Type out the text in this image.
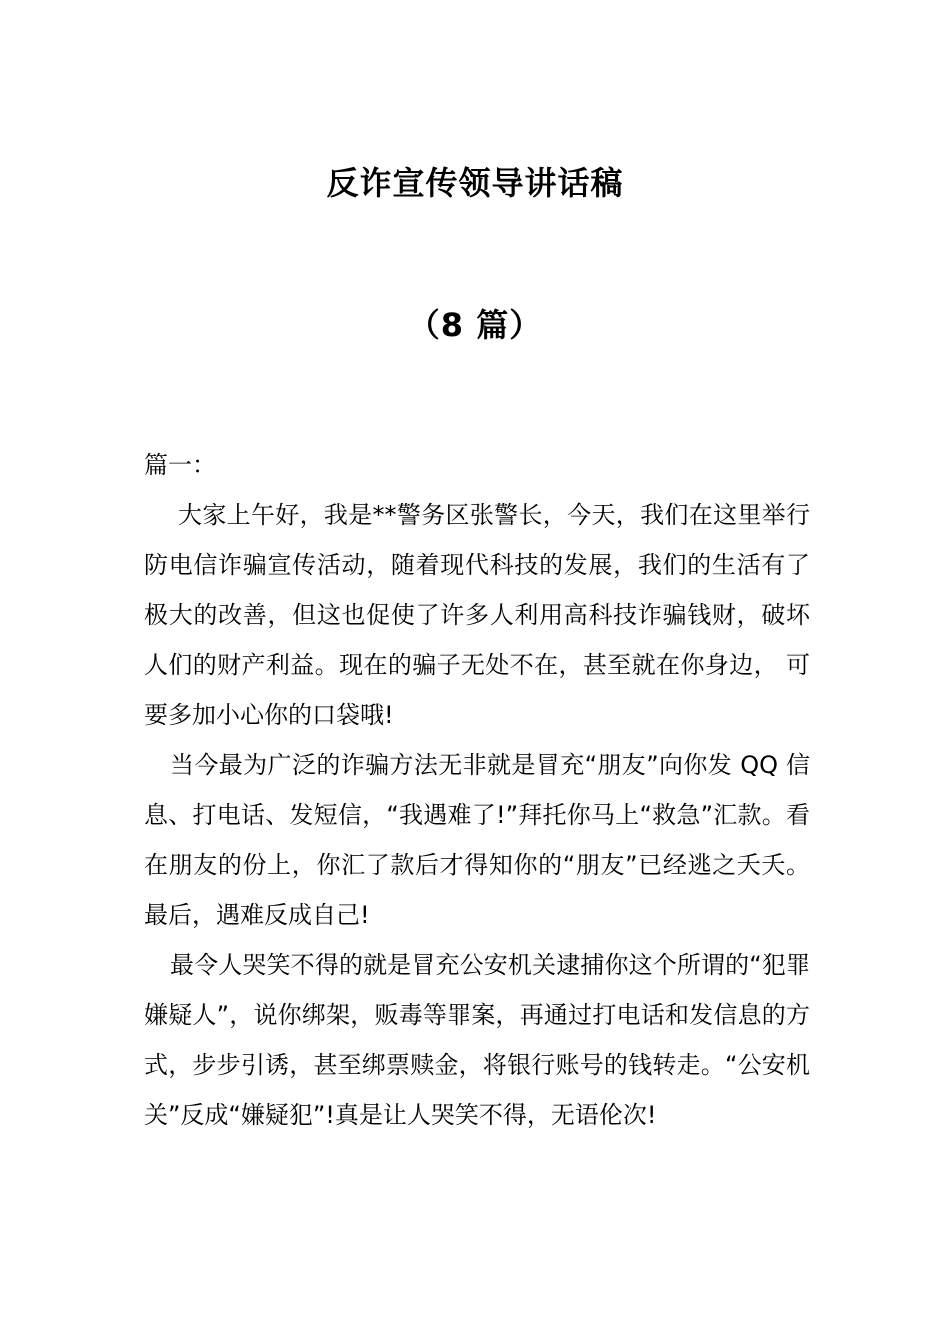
反诈宣传领导讲话稿
（8 篇）

篇一：

大家上午好，我是**警务区张警长，今天，我们在这里举行防电信诈骗宣传活动，随着现代科技的发展，我们的生活有了极大的改善，但这也促使了许多人利用高科技诈骗钱财，破坏人们的财产利益。现在的骗子无处不在，甚至就在你身边， 可要多加小心你的口袋哦!

当今最为广泛的诈骗方法无非就是冒充“朋友”向你发 QQ 信息、打电话、发短信，“我遇难了!”拜托你马上“救急”汇款。看在朋友的份上，你汇了款后才得知你的“朋友”已经逃之夭夭。最后，遇难反成自己!

最令人哭笑不得的就是冒充公安机关逮捕你这个所谓的“犯罪嫌疑人”，说你绑架，贩毒等罪案，再通过打电话和发信息的方式，步步引诱，甚至绑票赎金，将银行账号的钱转走。“公安机关”反成“嫌疑犯”!真是让人哭笑不得，无语伦次!
